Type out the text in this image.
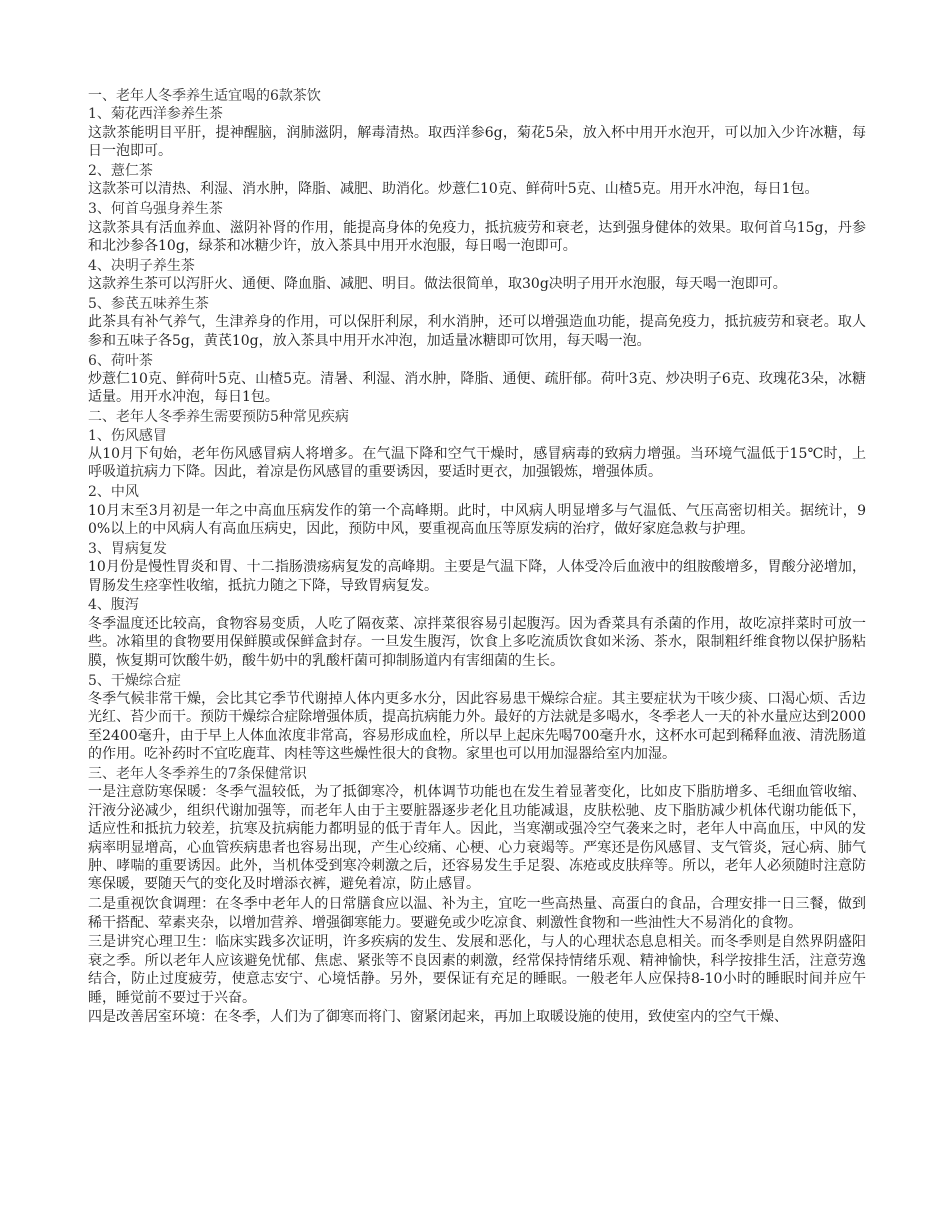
一、老年人冬季养生适宜喝的6款茶饮

1、菊花西洋参养生茶

这款茶能明目平肝，提神醒脑，润肺滋阴，解毒清热。取西洋参6g，菊花5朵，放入杯中用开水泡开，可以加入少许冰糖，每日一泡即可。

2、薏仁茶

这款茶可以清热、利湿、消水肿，降脂、减肥、助消化。炒薏仁10克、鲜荷叶5克、山楂5克。用开水冲泡，每日1包。

3、何首乌强身养生茶

这款茶具有活血养血、滋阴补肾的作用，能提高身体的免疫力，抵抗疲劳和衰老，达到强身健体的效果。取何首乌15g，丹参和北沙参各10g，绿茶和冰糖少许，放入茶具中用开水泡服，每日喝一泡即可。

4、决明子养生茶

这款养生茶可以泻肝火、通便、降血脂、减肥、明目。做法很简单，取30g决明子用开水泡服，每天喝一泡即可。

5、参芪五味养生茶

此茶具有补气养气，生津养身的作用，可以保肝利尿，利水消肿，还可以增强造血功能，提高免疫力，抵抗疲劳和衰老。取人参和五味子各5g，黄芪10g，放入茶具中用开水冲泡，加适量冰糖即可饮用，每天喝一泡。

6、荷叶茶

炒薏仁10克、鲜荷叶5克、山楂5克。清暑、利湿、消水肿，降脂、通便、疏肝郁。荷叶3克、炒决明子6克、玫瑰花3朵，冰糖适量。用开水冲泡，每日1包。

二、老年人冬季养生需要预防5种常见疾病

1、伤风感冒

从10月下旬始，老年伤风感冒病人将增多。在气温下降和空气干燥时，感冒病毒的致病力增强。当环境气温低于15℃时，上呼吸道抗病力下降。因此，着凉是伤风感冒的重要诱因，要适时更衣，加强锻炼，增强体质。

2、中风

10月末至3月初是一年之中高血压病发作的第一个高峰期。此时，中风病人明显增多与气温低、气压高密切相关。据统计，90%以上的中风病人有高血压病史，因此，预防中风，要重视高血压等原发病的治疗，做好家庭急救与护理。

3、胃病复发

10月份是慢性胃炎和胃、十二指肠溃疡病复发的高峰期。主要是气温下降，人体受冷后血液中的组胺酸增多，胃酸分泌增加，胃肠发生痉挛性收缩，抵抗力随之下降，导致胃病复发。

4、腹泻

冬季温度还比较高，食物容易变质，人吃了隔夜菜、凉拌菜很容易引起腹泻。因为香菜具有杀菌的作用，故吃凉拌菜时可放一些。冰箱里的食物要用保鲜膜或保鲜盒封存。一旦发生腹泻，饮食上多吃流质饮食如米汤、茶水，限制粗纤维食物以保护肠粘膜，恢复期可饮酸牛奶，酸牛奶中的乳酸杆菌可抑制肠道内有害细菌的生长。

5、干燥综合症

冬季气候非常干燥，会比其它季节代谢掉人体内更多水分，因此容易患干燥综合症。其主要症状为干咳少痰、口渴心烦、舌边光红、苔少而干。预防干燥综合症除增强体质，提高抗病能力外。最好的方法就是多喝水，冬季老人一天的补水量应达到2000至2400毫升，由于早上人体血浓度非常高，容易形成血栓，所以早上起床先喝700毫升水，这杯水可起到稀释血液、清洗肠道的作用。吃补药时不宜吃鹿茸、肉桂等这些燥性很大的食物。家里也可以用加湿器给室内加湿。

三、老年人冬季养生的7条保健常识

一是注意防寒保暖：冬季气温较低，为了抵御寒冷，机体调节功能也在发生着显著变化，比如皮下脂肪增多、毛细血管收缩、汗液分泌减少，组织代谢加强等，而老年人由于主要脏器逐步老化且功能减退，皮肤松驰、皮下脂肪减少机体代谢功能低下，适应性和抵抗力较差，抗寒及抗病能力都明显的低于青年人。因此，当寒潮或强冷空气袭来之时，老年人中高血压，中风的发病率明显增高，心血管疾病患者也容易出现，产生心绞痛、心梗、心力衰竭等。严寒还是伤风感冒、支气管炎，冠心病、肺气肿、哮喘的重要诱因。此外，当机体受到寒冷刺激之后，还容易发生手足裂、冻疮或皮肤痒等。所以，老年人必须随时注意防寒保暖，要随天气的变化及时增添衣裤，避免着凉，防止感冒。

二是重视饮食调理：在冬季中老年人的日常膳食应以温、补为主，宜吃一些高热量、高蛋白的食品，合理安排一日三餐，做到稀干搭配、荤素夹杂，以增加营养、增强御寒能力。要避免或少吃凉食、刺激性食物和一些油性大不易消化的食物。

三是讲究心理卫生：临床实践多次证明，许多疾病的发生、发展和恶化，与人的心理状态息息相关。而冬季则是自然界阴盛阳衰之季。所以老年人应该避免忧郁、焦虑、紧张等不良因素的刺激，经常保持情绪乐观、精神愉快，科学按排生活，注意劳逸结合，防止过度疲劳，使意志安宁、心境恬静。另外，要保证有充足的睡眠。一般老年人应保持8-10小时的睡眠时间并应午睡，睡觉前不要过于兴奋。

四是改善居室环境：在冬季，人们为了御寒而将门、窗紧闭起来，再加上取暖设施的使用，致使室内的空气干燥、
